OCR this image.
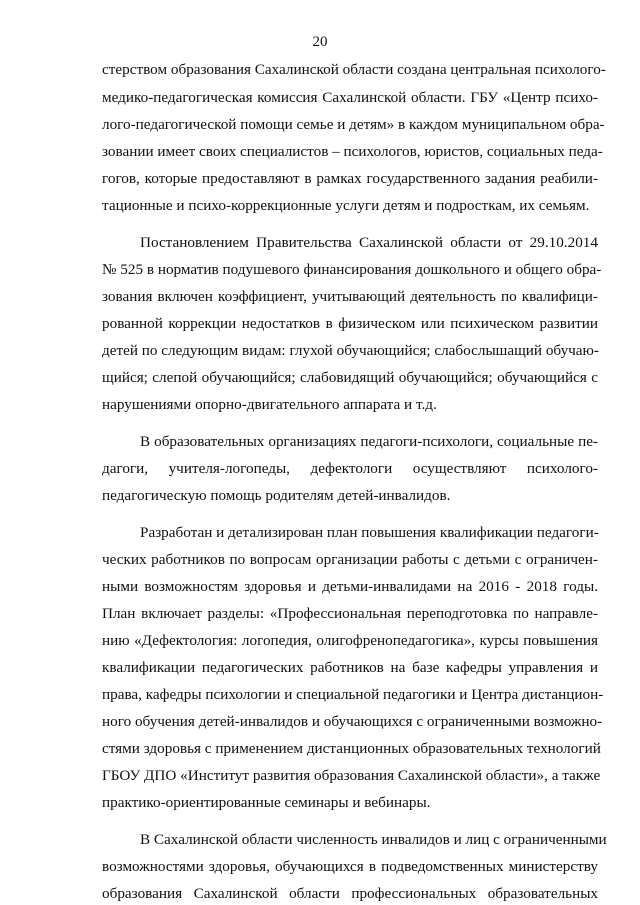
20
стерством образования Сахалинской области создана центральная психолого-
медико-педагогическая комиссия Сахалинской области. ГБУ «Центр психо-
лого-педагогической помощи семье и детям» в каждом муниципальном обра-
зовании имеет своих специалистов – психологов, юристов, социальных педа-
гогов, которые предоставляют в рамках государственного задания реабили-
тационные и психо-коррекционные услуги детям и подросткам, их семьям.
Постановлением Правительства Сахалинской области от 29.10.2014
№ 525 в норматив подушевого финансирования дошкольного и общего обра-
зования включен коэффициент, учитывающий деятельность по квалифици-
рованной коррекции недостатков в физическом или психическом развитии
детей по следующим видам: глухой обучающийся; слабослышащий обучаю-
щийся; слепой обучающийся; слабовидящий обучающийся; обучающийся с
нарушениями опорно-двигательного аппарата и т.д.
В образовательных организациях педагоги-психологи, социальные пе-
дагоги, учителя-логопеды, дефектологи осуществляют психолого-
педагогическую помощь родителям детей-инвалидов.
Разработан и детализирован план повышения квалификации педагоги-
ческих работников по вопросам организации работы с детьми с ограничен-
ными возможностям здоровья и детьми-инвалидами на 2016 - 2018 годы.
План включает разделы: «Профессиональная переподготовка по направле-
нию «Дефектология: логопедия, олигофренопедагогика», курсы повышения
квалификации педагогических работников на базе кафедры управления и
права, кафедры психологии и специальной педагогики и Центра дистанцион-
ного обучения детей-инвалидов и обучающихся с ограниченными возможно-
стями здоровья с применением дистанционных образовательных технологий
ГБОУ ДПО «Институт развития образования Сахалинской области», а также
практико-ориентированные семинары и вебинары.
В Сахалинской области численность инвалидов и лиц с ограниченными
возможностями здоровья, обучающихся в подведомственных министерству
образования Сахалинской области профессиональных образовательных
